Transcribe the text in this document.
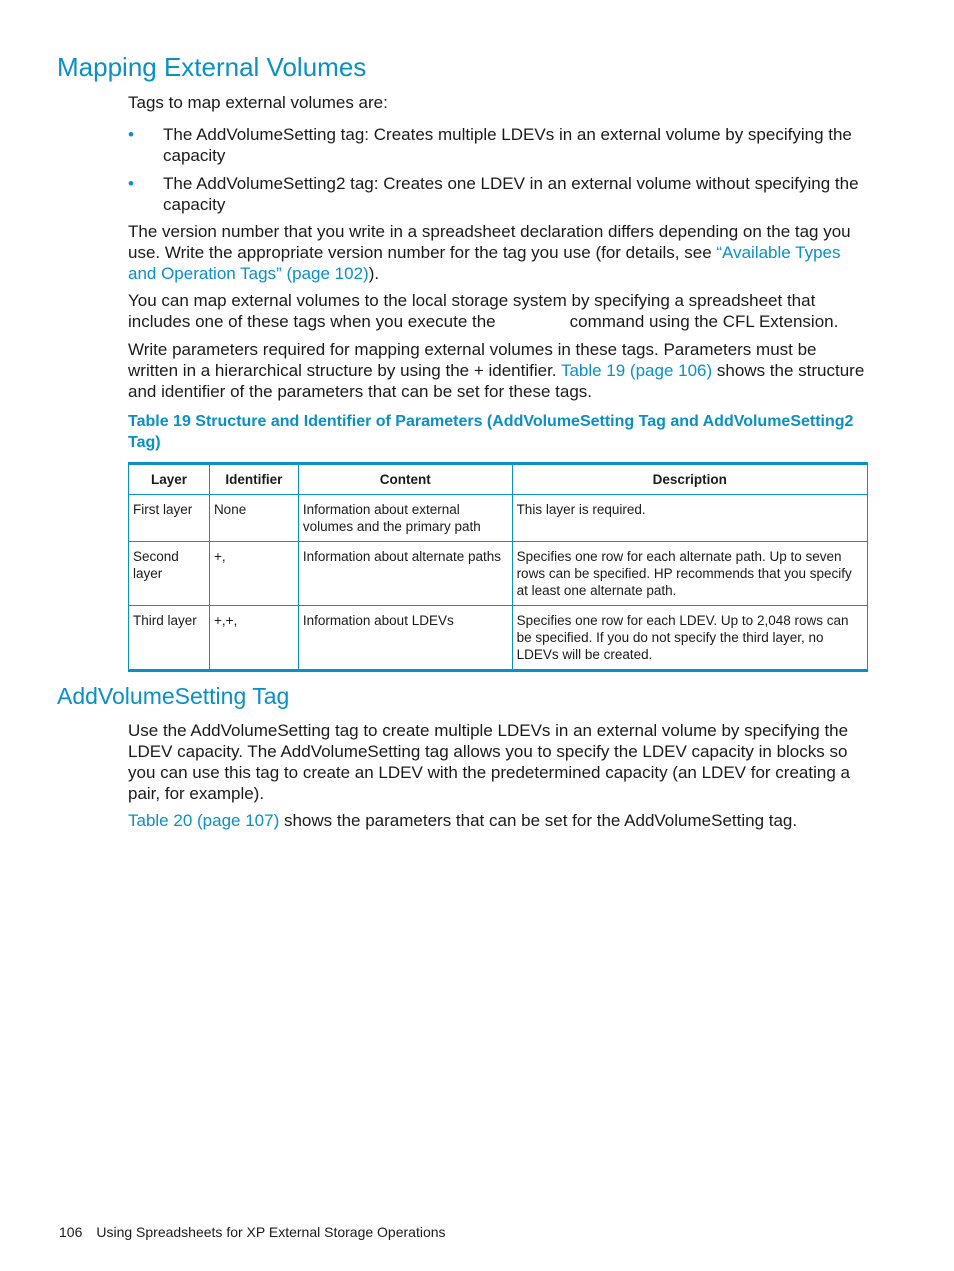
Mapping External Volumes

Tags to map external volumes are:

•	The AddVolumeSetting tag: Creates multiple LDEVs in an external volume by specifying the capacity
•	The AddVolumeSetting2 tag: Creates one LDEV in an external volume without specifying the capacity

The version number that you write in a spreadsheet declaration differs depending on the tag you use. Write the appropriate version number for the tag you use (for details, see “Available Types and Operation Tags” (page 102)).

You can map external volumes to the local storage system by specifying a spreadsheet that includes one of these tags when you execute the	command using the CFL Extension.

Write parameters required for mapping external volumes in these tags. Parameters must be written in a hierarchical structure by using the + identifier. Table 19 (page 106) shows the structure and identifier of the parameters that can be set for these tags.

Table 19 Structure and Identifier of Parameters (AddVolumeSetting Tag and AddVolumeSetting2 Tag)

Layer	Identifier	Content	Description
First layer	None	Information about external volumes and the primary path	This layer is required.
Second layer	+,	Information about alternate paths	Specifies one row for each alternate path. Up to seven rows can be specified. HP recommends that you specify at least one alternate path.
Third layer	+,+,	Information about LDEVs	Specifies one row for each LDEV. Up to 2,048 rows can be specified. If you do not specify the third layer, no LDEVs will be created.
AddVolumeSetting Tag

Use the AddVolumeSetting tag to create multiple LDEVs in an external volume by specifying the LDEV capacity. The AddVolumeSetting tag allows you to specify the LDEV capacity in blocks so you can use this tag to create an LDEV with the predetermined capacity (an LDEV for creating a pair, for example).

Table 20 (page 107) shows the parameters that can be set for the AddVolumeSetting tag.

106 Using Spreadsheets for XP External Storage Operations
